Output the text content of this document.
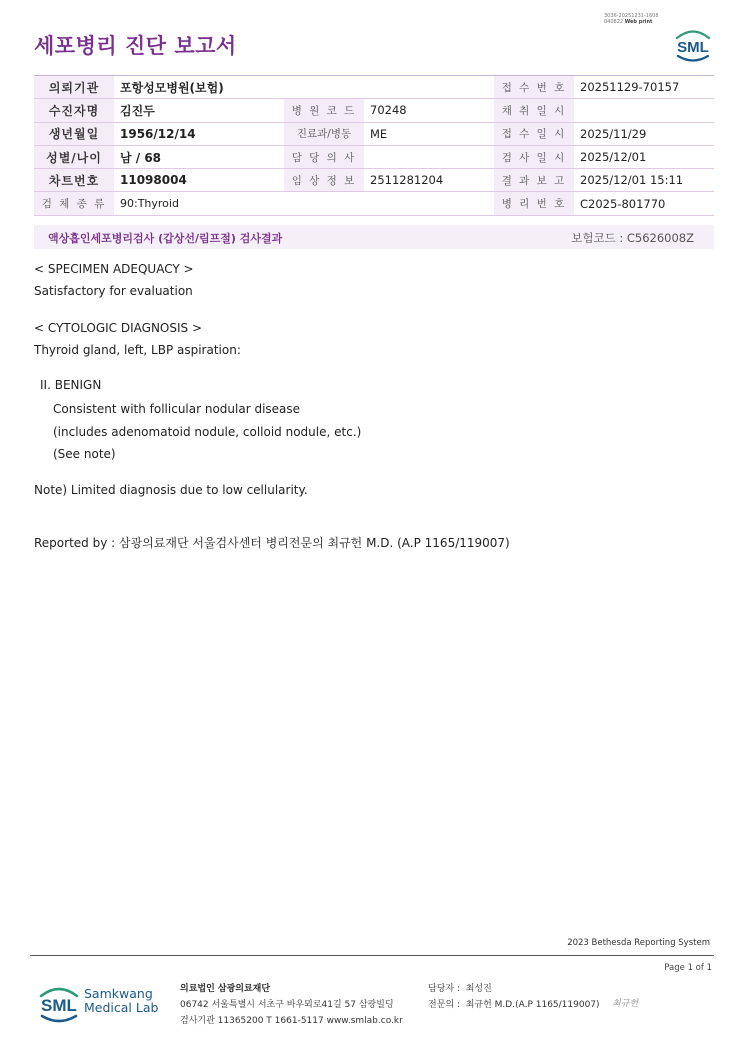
3036-20251231-1608
040822 Web print
세포병리 진단 보고서	SML
의뢰기관	포항성모병원(보험)			접 수 번 호	20251129-70157
수진자명	김진두	병 원 코 드	70248	채 취 일 시	
생년월일	1956/12/14	진료과/병동	ME	접 수 일 시	2025/11/29
성별/나이	남 / 68	담 당 의 사		검 사 일 시	2025/12/01
차트번호	11098004	임 상 정 보	2511281204	결 과 보 고	2025/12/01 15:11
검 체 종 류	90:Thyroid			병 리 번 호	C2025-801770
액상흡인세포병리검사 (갑상선/림프절) 검사결과	보험코드 : C5626008Z
< SPECIMEN ADEQUACY >
Satisfactory for evaluation
< CYTOLOGIC DIAGNOSIS >
Thyroid gland, left, LBP aspiration:
II. BENIGN
Consistent with follicular nodular disease
(includes adenomatoid nodule, colloid nodule, etc.)
(See note)
Note) Limited diagnosis due to low cellularity.
Reported by : 삼광의료재단 서울검사센터 병리전문의 최규헌 M.D. (A.P 1165/119007)
2023 Bethesda Reporting System
Page 1 of 1
SML
Samkwang
Medical Lab
의료법인 삼광의료재단
06742 서울특별시 서초구 바우뫼로41길 57 삼광빌딩
검사기관 11365200 T 1661-5117 www.smlab.co.kr
담당자 : 최성진
전문의 : 최규헌 M.D.(A.P 1165/119007) 최규헌
